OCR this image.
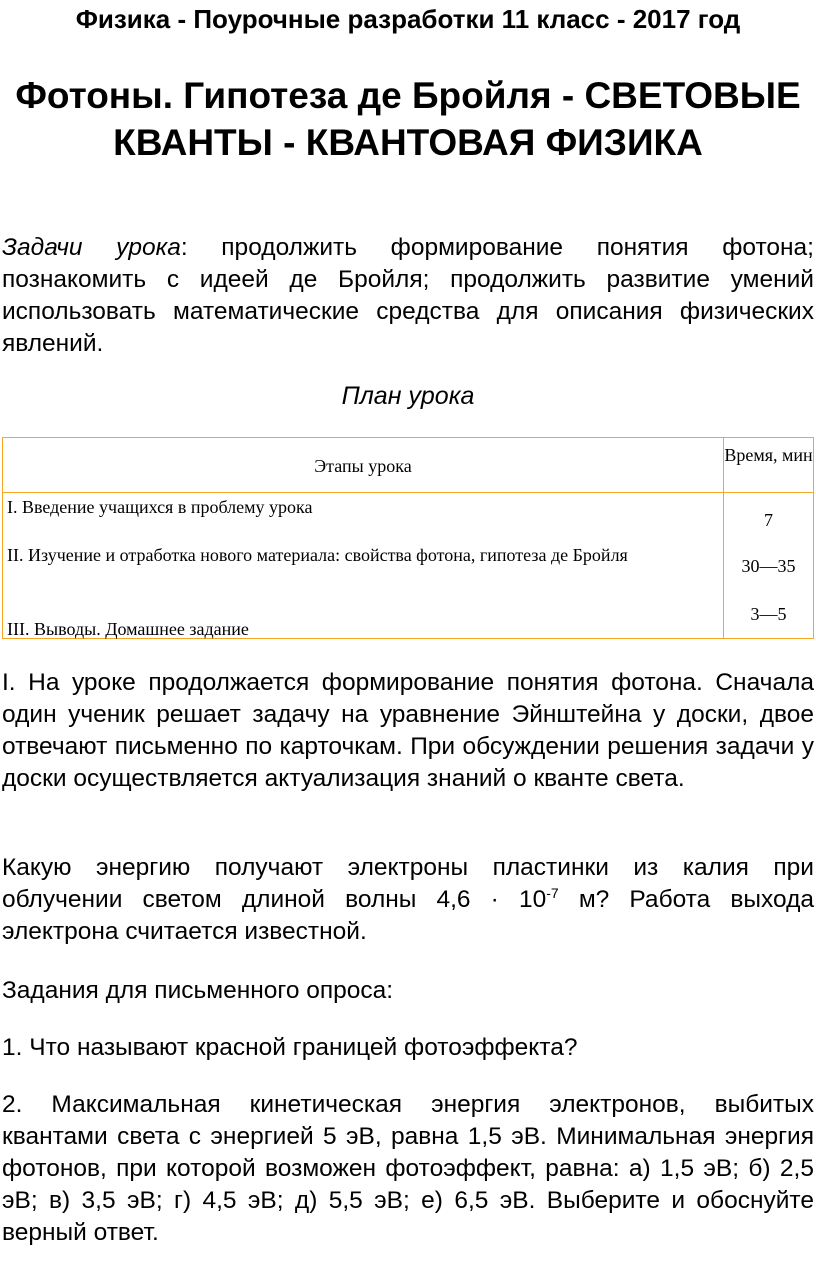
Физика - Поурочные разработки 11 класс - 2017 год
Фотоны. Гипотеза де Бройля - СВЕТОВЫЕ КВАНТЫ - КВАНТОВАЯ ФИЗИКА
Задачи урока: продолжить формирование понятия фотона; познакомить с идеей де Бройля; продолжить развитие умений использовать математические средства для описания физических явлений.
План урока
Этапы урока
Время, мин
I. Введение учащихся в проблему урока
7
II. Изучение и отработка нового материала: свойства фотона, гипотеза де Бройля
30—35
III. Выводы. Домашнее задание
3—5
I. На уроке продолжается формирование понятия фотона. Сначала один ученик решает задачу на уравнение Эйнштейна у доски, двое отвечают письменно по карточкам. При обсуждении решения задачи у доски осуществляется актуализация знаний о кванте света.
Какую энергию получают электроны пластинки из калия при облучении светом длиной волны $4,6 \cdot 10^{-7}$ м? Работа выхода электрона считается известной.
Задания для письменного опроса:
1. Что называют красной границей фотоэффекта?
2. Максимальная кинетическая энергия электронов, выбитых квантами света с энергией 5 эВ, равна 1,5 эВ. Минимальная энергия фотонов, при которой возможен фотоэффект, равна: а) 1,5 эВ; б) 2,5 эВ; в) 3,5 эВ; г) 4,5 эВ; д) 5,5 эВ; е) 6,5 эВ. Выберите и обоснуйте верный ответ.
